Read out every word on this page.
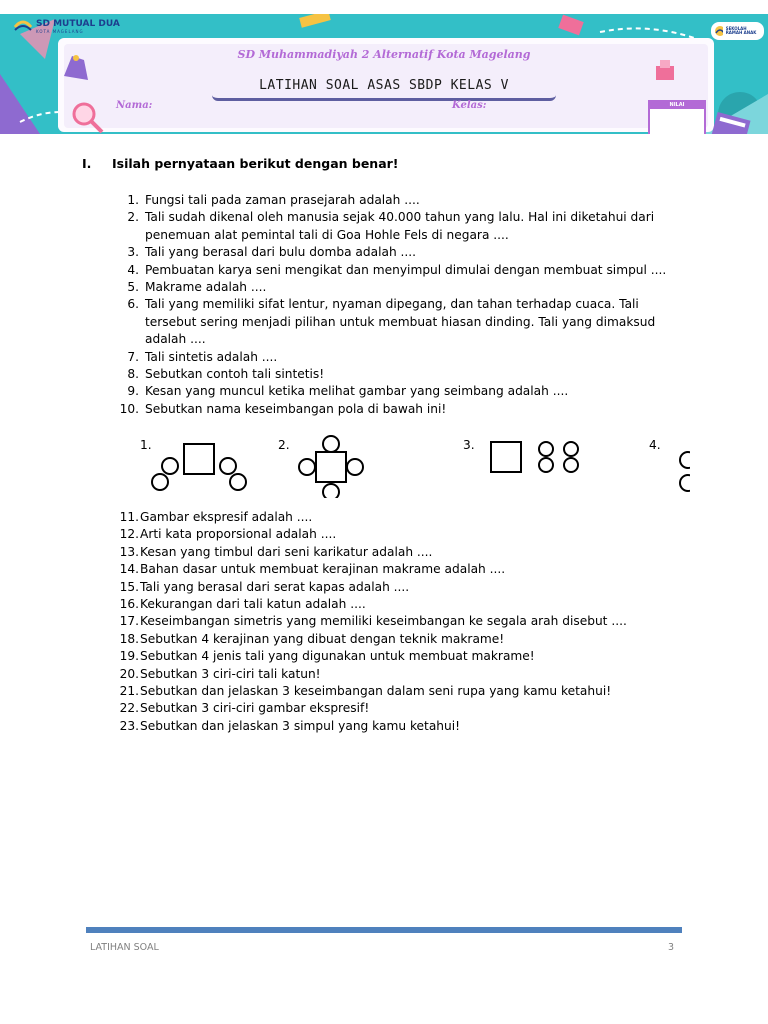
SD MUTUAL DUA
KOTA MAGELANG
SEKOLAH RAMAH ANAK
SD Muhammadiyah 2 Alternatif Kota Magelang
LATIHAN SOAL ASAS SBDP KELAS V
Nama:	Kelas:	NILAI
I. Isilah pernyataan berikut dengan benar!
1. Fungsi tali pada zaman prasejarah adalah ....
2. Tali sudah dikenal oleh manusia sejak 40.000 tahun yang lalu. Hal ini diketahui dari penemuan alat pemintal tali di Goa Hohle Fels di negara ....
3. Tali yang berasal dari bulu domba adalah ....
4. Pembuatan karya seni mengikat dan menyimpul dimulai dengan membuat simpul ....
5. Makrame adalah ....
6. Tali yang memiliki sifat lentur, nyaman dipegang, dan tahan terhadap cuaca. Tali tersebut sering menjadi pilihan untuk membuat hiasan dinding. Tali yang dimaksud adalah ....
7. Tali sintetis adalah ....
8. Sebutkan contoh tali sintetis!
9. Kesan yang muncul ketika melihat gambar yang seimbang adalah ....
10. Sebutkan nama keseimbangan pola di bawah ini!
1.	2.	3.	4.
11. Gambar ekspresif adalah ....
12. Arti kata proporsional adalah ....
13. Kesan yang timbul dari seni karikatur adalah ....
14. Bahan dasar untuk membuat kerajinan makrame adalah ....
15. Tali yang berasal dari serat kapas adalah ....
16. Kekurangan dari tali katun adalah ....
17. Keseimbangan simetris yang memiliki keseimbangan ke segala arah disebut ....
18. Sebutkan 4 kerajinan yang dibuat dengan teknik makrame!
19. Sebutkan 4 jenis tali yang digunakan untuk membuat makrame!
20. Sebutkan 3 ciri-ciri tali katun!
21. Sebutkan dan jelaskan 3 keseimbangan dalam seni rupa yang kamu ketahui!
22. Sebutkan 3 ciri-ciri gambar ekspresif!
23. Sebutkan dan jelaskan 3 simpul yang kamu ketahui!
LATIHAN SOAL	3
